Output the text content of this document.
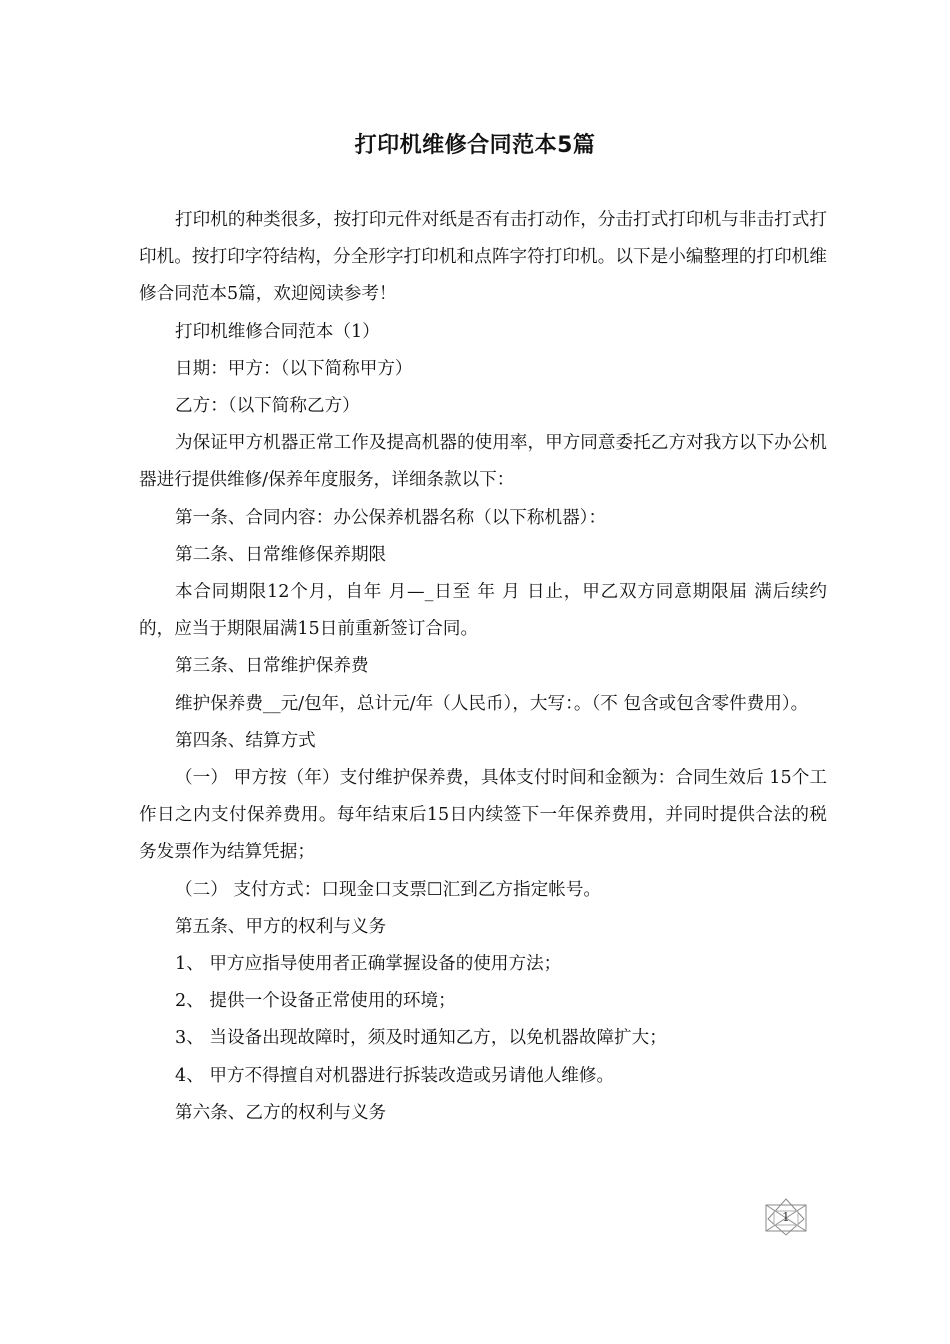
打印机维修合同范本5篇

打印机的种类很多，按打印元件对纸是否有击打动作，分击打式打印机与非击打式打印机。按打印字符结构，分全形字打印机和点阵字符打印机。以下是小编整理的打印机维修合同范本5篇，欢迎阅读参考！

打印机维修合同范本（1）

日期：甲方：（以下简称甲方）

乙方：（以下简称乙方）

为保证甲方机器正常工作及提高机器的使用率，甲方同意委托乙方对我方以下办公机器进行提供维修/保养年度服务，详细条款以下：

第一条、合同内容：办公保养机器名称（以下称机器）：

第二条、日常维修保养期限

本合同期限12个月，自年 月—_日至 年 月 日止，甲乙双方同意期限届 满后续约的，应当于期限届满15日前重新签订合同。

第三条、日常维护保养费

维护保养费__元/包年，总计元/年（人民币），大写：。（不 包含或包含零件费用）。

第四条、结算方式

（一） 甲方按（年）支付维护保养费，具体支付时间和金额为：合同生效后 15个工作日之内支付保养费用。每年结束后15日内续签下一年保养费用，并同时提供合法的税务发票作为结算凭据；

（二） 支付方式：口现金口支票☐汇到乙方指定帐号。

第五条、甲方的权利与义务

1、 甲方应指导使用者正确掌握设备的使用方法；

2、 提供一个设备正常使用的环境；

3、 当设备出现故障时，须及时通知乙方，以免机器故障扩大；

4、 甲方不得擅自对机器进行拆装改造或另请他人维修。

第六条、乙方的权利与义务

1
